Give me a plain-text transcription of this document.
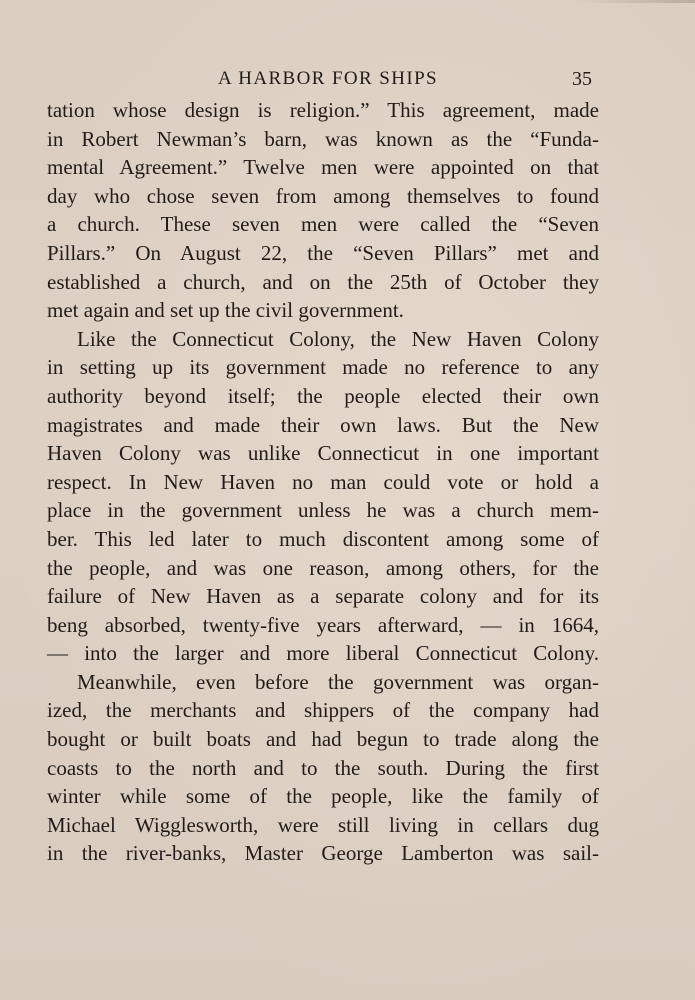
A HARBOR FOR SHIPS	35
tation whose design is religion.” This agreement, made
in Robert Newman’s barn, was known as the “Funda-
mental Agreement.” Twelve men were appointed on that
day who chose seven from among themselves to found
a church. These seven men were called the “Seven
Pillars.” On August 22, the “Seven Pillars” met and
established a church, and on the 25th of October they
met again and set up the civil government.
Like the Connecticut Colony, the New Haven Colony
in setting up its government made no reference to any
authority beyond itself; the people elected their own
magistrates and made their own laws. But the New
Haven Colony was unlike Connecticut in one important
respect. In New Haven no man could vote or hold a
place in the government unless he was a church mem-
ber. This led later to much discontent among some of
the people, and was one reason, among others, for the
failure of New Haven as a separate colony and for its
beng absorbed, twenty-five years afterward, — in 1664,
— into the larger and more liberal Connecticut Colony.
Meanwhile, even before the government was organ-
ized, the merchants and shippers of the company had
bought or built boats and had begun to trade along the
coasts to the north and to the south. During the first
winter while some of the people, like the family of
Michael Wigglesworth, were still living in cellars dug
in the river-banks, Master George Lamberton was sail-
